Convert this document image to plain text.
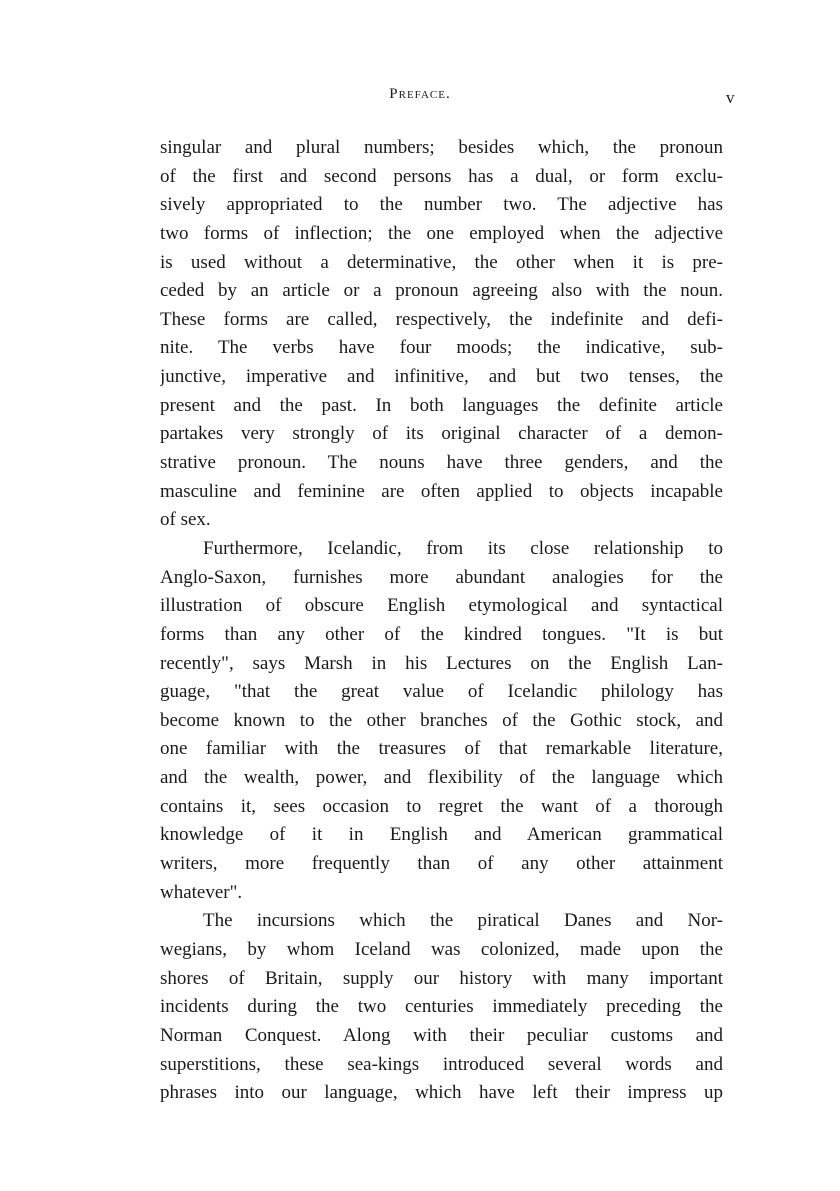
Preface.	v
singular and plural numbers; besides which, the pronoun
of the first and second persons has a dual, or form exclu-
sively appropriated to the number two. The adjective has
two forms of inflection; the one employed when the adjective
is used without a determinative, the other when it is pre-
ceded by an article or a pronoun agreeing also with the noun.
These forms are called, respectively, the indefinite and defi-
nite. The verbs have four moods; the indicative, sub-
junctive, imperative and infinitive, and but two tenses, the
present and the past. In both languages the definite article
partakes very strongly of its original character of a demon-
strative pronoun. The nouns have three genders, and the
masculine and feminine are often applied to objects incapable
of sex.
Furthermore, Icelandic, from its close relationship to
Anglo-Saxon, furnishes more abundant analogies for the
illustration of obscure English etymological and syntactical
forms than any other of the kindred tongues. "It is but
recently", says Marsh in his Lectures on the English Lan-
guage, "that the great value of Icelandic philology has
become known to the other branches of the Gothic stock, and
one familiar with the treasures of that remarkable literature,
and the wealth, power, and flexibility of the language which
contains it, sees occasion to regret the want of a thorough
knowledge of it in English and American grammatical
writers, more frequently than of any other attainment
whatever".
The incursions which the piratical Danes and Nor-
wegians, by whom Iceland was colonized, made upon the
shores of Britain, supply our history with many important
incidents during the two centuries immediately preceding the
Norman Conquest. Along with their peculiar customs and
superstitions, these sea-kings introduced several words and
phrases into our language, which have left their impress up
